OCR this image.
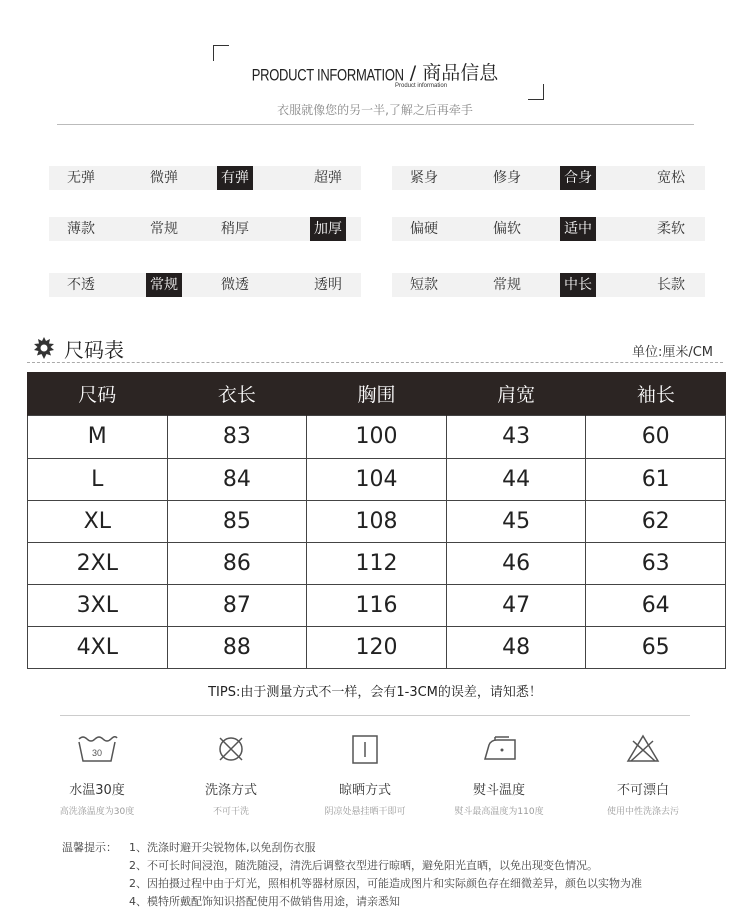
PRODUCT INFORMATION / 商品信息
Product information
衣服就像您的另一半,了解之后再牵手
无弹	微弹	有弹	超弹	紧身	修身	合身	宽松
薄款	常规	稍厚	加厚	偏硬	偏软	适中	柔软
不透	常规	微透	透明	短款	常规	中长	长款
尺码表	单位:厘米/CM
尺码	衣长	胸围	肩宽	袖长
M	83	100	43	60
L	84	104	44	61
XL	85	108	45	62
2XL	86	112	46	63
3XL	87	116	47	64
4XL	88	120	48	65
TIPS:由于测量方式不一样，会有1-3CM的误差，请知悉！
30
水温30度
高洗涤温度为30度
洗涤方式
不可干洗
晾晒方式
阴凉处悬挂晒干即可
熨斗温度
熨斗最高温度为110度
不可漂白
使用中性洗涤去污
温馨提示： 1、洗涤时避开尖锐物体,以免刮伤衣服
2、不可长时间浸泡，随洗随浸，清洗后调整衣型进行晾晒，避免阳光直晒，以免出现变色情况。
2、因拍摄过程中由于灯光，照相机等器材原因，可能造成图片和实际颜色存在细微差异，颜色以实物为准
4、模特所戴配饰知识搭配使用不做销售用途，请亲悉知
